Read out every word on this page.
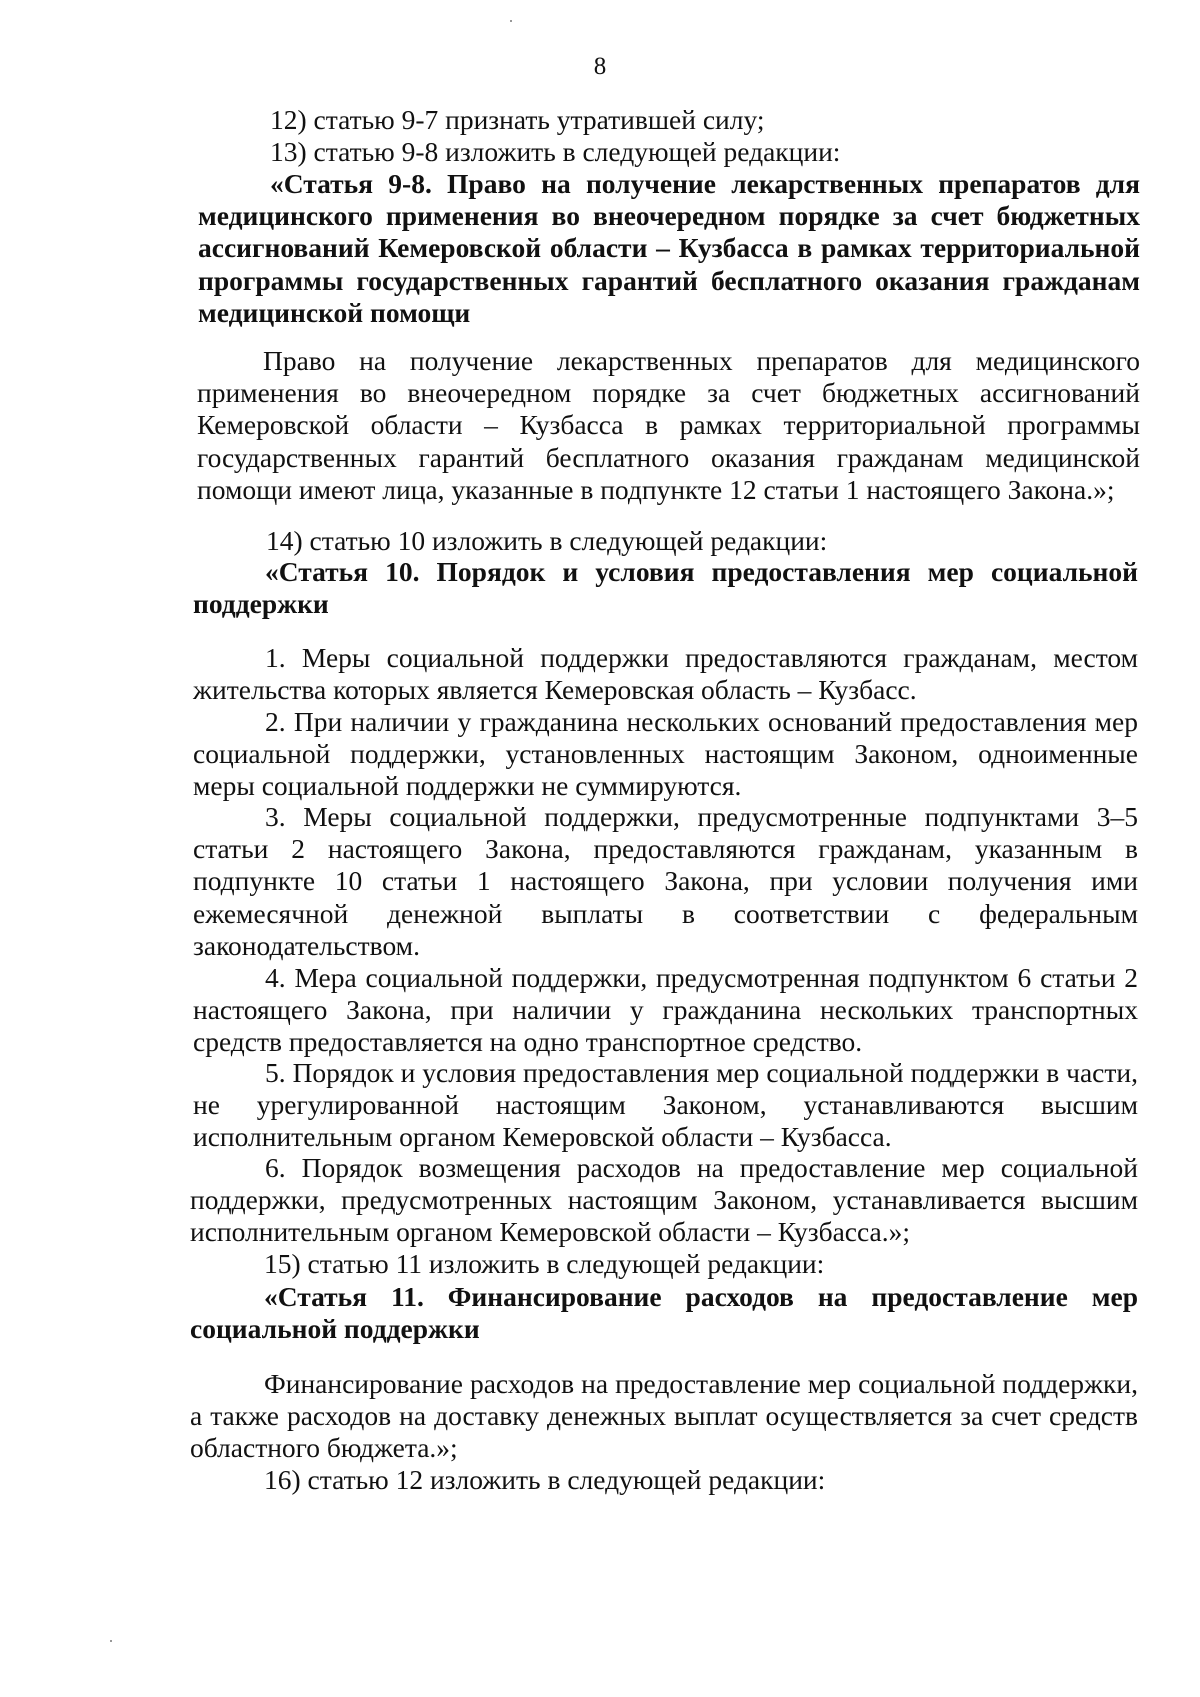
8

12) статью 9-7 признать утратившей силу;

13) статью 9-8 изложить в следующей редакции:

«Статья 9-8. Право на получение лекарственных препаратов для медицинского применения во внеочередном порядке за счет бюджетных ассигнований Кемеровской области – Кузбасса в рамках территориальной программы государственных гарантий бесплатного оказания гражданам медицинской помощи

Право на получение лекарственных препаратов для медицинского применения во внеочередном порядке за счет бюджетных ассигнований Кемеровской области – Кузбасса в рамках территориальной программы государственных гарантий бесплатного оказания гражданам медицинской помощи имеют лица, указанные в подпункте 12 статьи 1 настоящего Закона.»;

14) статью 10 изложить в следующей редакции:

«Статья 10. Порядок и условия предоставления мер социальной поддержки

1. Меры социальной поддержки предоставляются гражданам, местом жительства которых является Кемеровская область – Кузбасс.

2. При наличии у гражданина нескольких оснований предоставления мер социальной поддержки, установленных настоящим Законом, одноименные меры социальной поддержки не суммируются.

3. Меры социальной поддержки, предусмотренные подпунктами 3–5 статьи 2 настоящего Закона, предоставляются гражданам, указанным в подпункте 10 статьи 1 настоящего Закона, при условии получения ими ежемесячной денежной выплаты в соответствии с федеральным законодательством.

4. Мера социальной поддержки, предусмотренная подпунктом 6 статьи 2 настоящего Закона, при наличии у гражданина нескольких транспортных средств предоставляется на одно транспортное средство.

5. Порядок и условия предоставления мер социальной поддержки в части, не урегулированной настоящим Законом, устанавливаются высшим исполнительным органом Кемеровской области – Кузбасса.

6. Порядок возмещения расходов на предоставление мер социальной поддержки, предусмотренных настоящим Законом, устанавливается высшим исполнительным органом Кемеровской области – Кузбасса.»;

15) статью 11 изложить в следующей редакции:

«Статья 11. Финансирование расходов на предоставление мер социальной поддержки

Финансирование расходов на предоставление мер социальной поддержки, а также расходов на доставку денежных выплат осуществляется за счет средств областного бюджета.»;

16) статью 12 изложить в следующей редакции:
